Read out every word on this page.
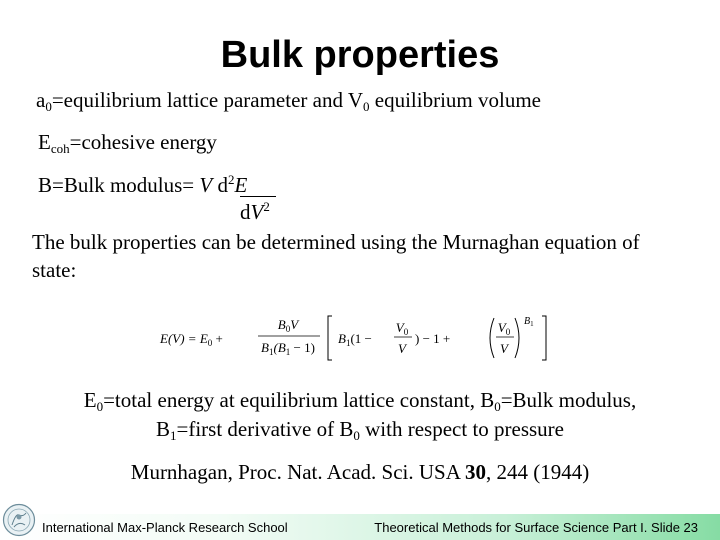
Bulk properties
$a_0=equilibrium$ lattice parameter and $V_0$ equilibrium volume
$E_{coh}=cohesive$ energy
B=Bulk modulus= V $d^2E$
$dV^2$
The bulk properties can be determined using the Murnaghan equation of state:
$E(V) = E_0$ +
$B_0V$
$B_1(B_1 - 1)$
$B_1(1$ −
$V_0$
V
) − 1 +
$V_0$
V
$B_1$
$E_0=total$ energy at equilibrium lattice constant, $B_0=Bulk$ modulus,
$B_1=first$ derivative of $B_0$ with respect to pressure
Murnhagan, Proc. Nat. Acad. Sci. USA 30, 244 (1944)
International Max-Planck Research School	Theoretical Methods for Surface Science Part I. Slide 23
